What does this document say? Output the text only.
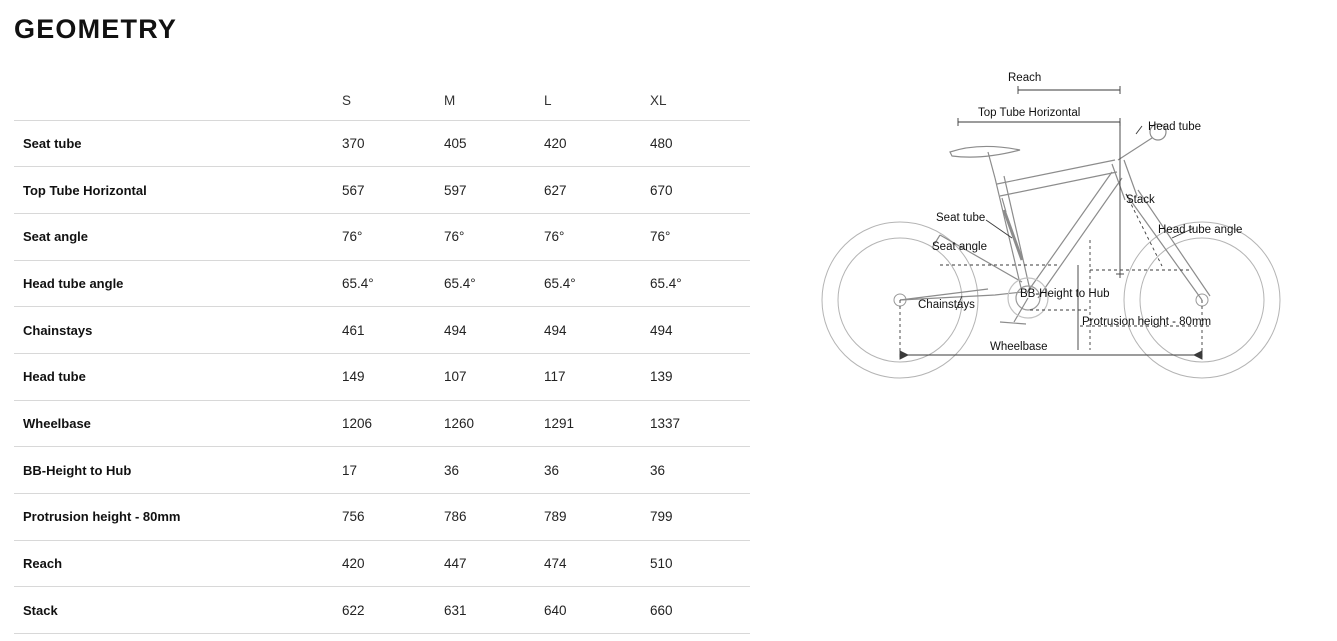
GEOMETRY
	S	M	L	XL
Seat tube	370	405	420	480
Top Tube Horizontal	567	597	627	670
Seat angle	76°	76°	76°	76°
Head tube angle	65.4°	65.4°	65.4°	65.4°
Chainstays	461	494	494	494
Head tube	149	107	117	139
Wheelbase	1206	1260	1291	1337
BB-Height to Hub	17	36	36	36
Protrusion height - 80mm	756	786	789	799
Reach	420	447	474	510
Stack	622	631	640	660
Reach
Top Tube Horizontal
Head tube
Seat tube
Stack
Seat angle
Head tube angle
Chainstays
BB-Height to Hub
Protrusion height - 80mm
Wheelbase
